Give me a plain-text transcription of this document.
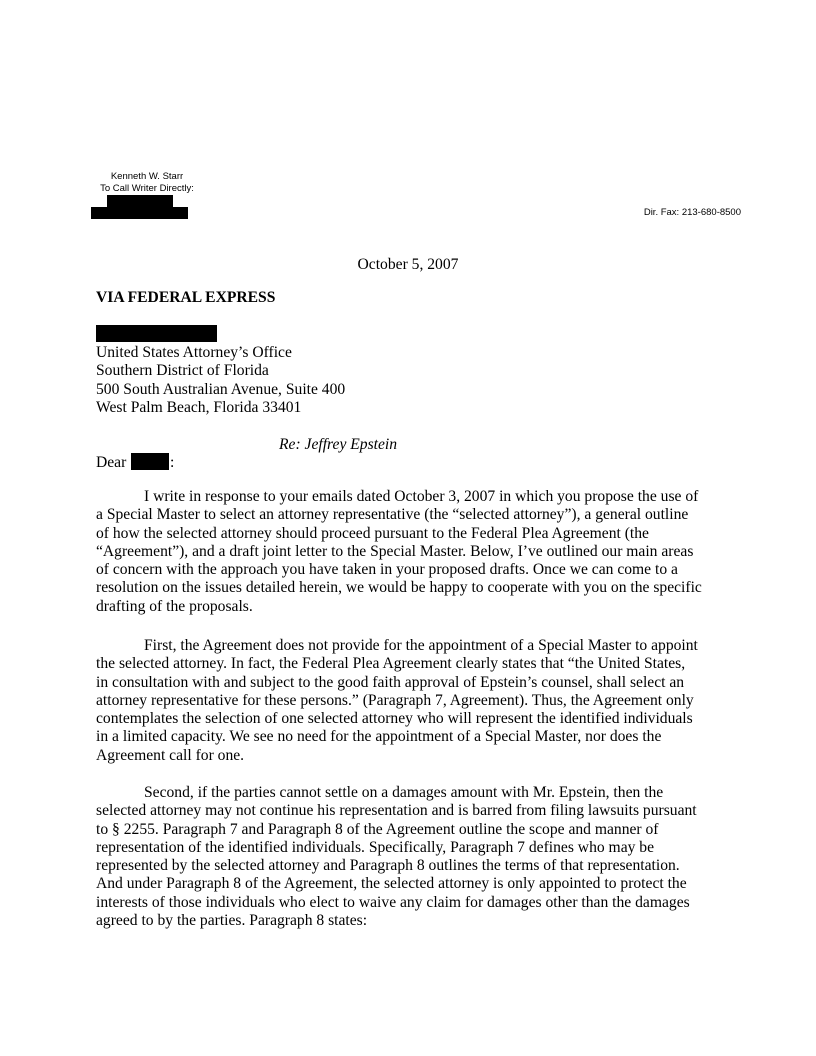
Kenneth W. Starr
To Call Writer Directly:
Dir. Fax: 213-680-8500
October 5, 2007
VIA FEDERAL EXPRESS
United States Attorney’s Office
Southern District of Florida
500 South Australian Avenue, Suite 400
West Palm Beach, Florida 33401
Re: Jeffrey Epstein
Dear	:
I write in response to your emails dated October 3, 2007 in which you propose the use of
a Special Master to select an attorney representative (the “selected attorney”), a general outline
of how the selected attorney should proceed pursuant to the Federal Plea Agreement (the
“Agreement”), and a draft joint letter to the Special Master. Below, I’ve outlined our main areas
of concern with the approach you have taken in your proposed drafts. Once we can come to a
resolution on the issues detailed herein, we would be happy to cooperate with you on the specific
drafting of the proposals.
First, the Agreement does not provide for the appointment of a Special Master to appoint
the selected attorney. In fact, the Federal Plea Agreement clearly states that “the United States,
in consultation with and subject to the good faith approval of Epstein’s counsel, shall select an
attorney representative for these persons.” (Paragraph 7, Agreement). Thus, the Agreement only
contemplates the selection of one selected attorney who will represent the identified individuals
in a limited capacity. We see no need for the appointment of a Special Master, nor does the
Agreement call for one.
Second, if the parties cannot settle on a damages amount with Mr. Epstein, then the
selected attorney may not continue his representation and is barred from filing lawsuits pursuant
to § 2255. Paragraph 7 and Paragraph 8 of the Agreement outline the scope and manner of
representation of the identified individuals. Specifically, Paragraph 7 defines who may be
represented by the selected attorney and Paragraph 8 outlines the terms of that representation.
And under Paragraph 8 of the Agreement, the selected attorney is only appointed to protect the
interests of those individuals who elect to waive any claim for damages other than the damages
agreed to by the parties. Paragraph 8 states:
